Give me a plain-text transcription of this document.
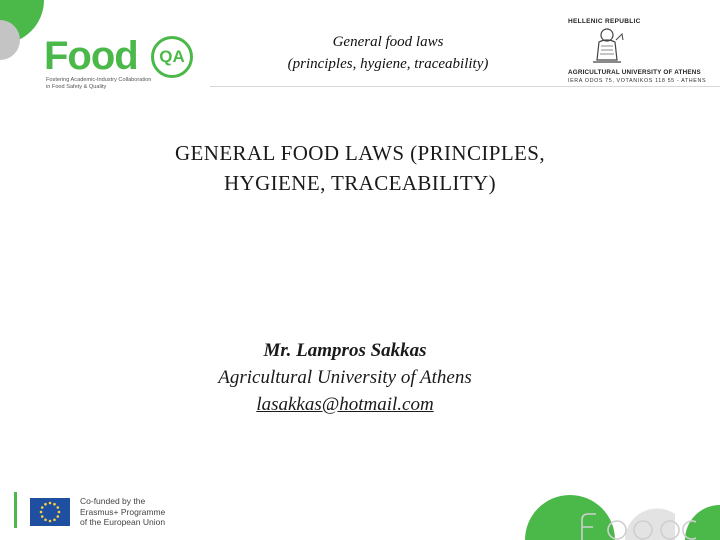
Food	QA
Fostering Academic-Industry Collaboration
in Food Safety & Quality
General food laws
(principles, hygiene, traceability)
HELLENIC REPUBLIC
AGRICULTURAL UNIVERSITY OF ATHENS
IERA ODOS 75, VOTANIKOS 118 55 - ATHENS
GENERAL FOOD LAWS (PRINCIPLES,
HYGIENE, TRACEABILITY)
Mr. Lampros Sakkas
Agricultural University of Athens
lasakkas@hotmail.com
Co-funded by the
Erasmus+ Programme
of the European Union
